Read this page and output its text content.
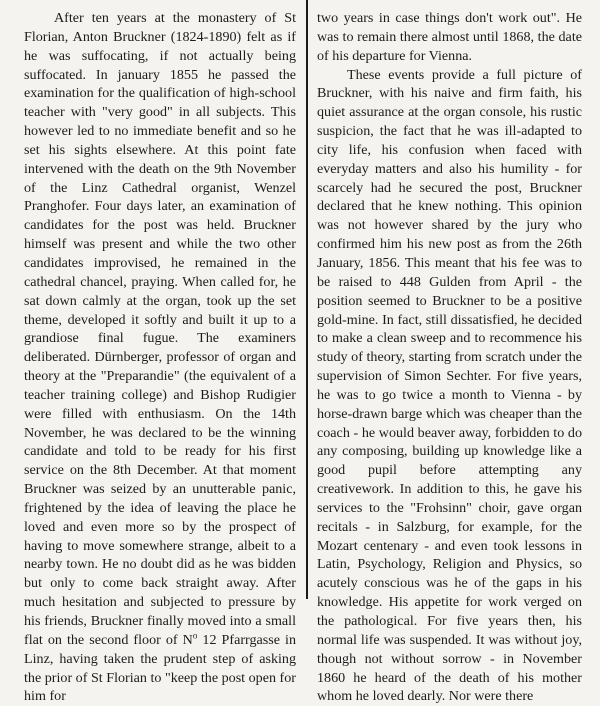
After ten years at the monastery of St Florian, Anton Bruckner (1824-1890) felt as if he was suffocating, if not actually being suffocated. In january 1855 he passed the examination for the qualification of high-school teacher with "very good" in all subjects. This however led to no immediate benefit and so he set his sights elsewhere. At this point fate intervened with the death on the 9th November of the Linz Cathedral organist, Wenzel Pranghofer. Four days later, an examination of candidates for the post was held. Bruckner himself was present and while the two other candidates improvised, he remained in the cathedral chancel, praying. When called for, he sat down calmly at the organ, took up the set theme, developed it softly and built it up to a grandiose final fugue. The examiners deliberated. Dürnberger, professor of organ and theory at the "Preparandie" (the equivalent of a teacher training college) and Bishop Rudigier were filled with enthusiasm. On the 14th November, he was declared to be the winning candidate and told to be ready for his first service on the 8th December. At that moment Bruckner was seized by an unutterable panic, frightened by the idea of leaving the place he loved and even more so by the prospect of having to move somewhere strange, albeit to a nearby town. He no doubt did as he was bidden but only to come back straight away. After much hesitation and subjected to pressure by his friends, Bruckner finally moved into a small flat on the second floor of $N^o$ 12 Pfarrgasse in Linz, having taken the prudent step of asking the prior of St Florian to "keep the post open for him for

two years in case things don't work out". He was to remain there almost until 1868, the date of his departure for Vienna.

These events provide a full picture of Bruckner, with his naive and firm faith, his quiet assurance at the organ console, his rustic suspicion, the fact that he was ill-adapted to city life, his confusion when faced with everyday matters and also his humility - for scarcely had he secured the post, Bruckner declared that he knew nothing. This opinion was not however shared by the jury who confirmed him his new post as from the 26th January, 1856. This meant that his fee was to be raised to 448 Gulden from April - the position seemed to Bruckner to be a positive gold-mine. In fact, still dissatisfied, he decided to make a clean sweep and to recommence his study of theory, starting from scratch under the supervision of Simon Sechter. For five years, he was to go twice a month to Vienna - by horse-drawn barge which was cheaper than the coach - he would beaver away, forbidden to do any composing, building up knowledge like a good pupil before attempting any creativework. In addition to this, he gave his services to the "Frohsinn" choir, gave organ recitals - in Salzburg, for example, for the Mozart centenary - and even took lessons in Latin, Psychology, Religion and Physics, so acutely conscious was he of the gaps in his knowledge. His appetite for work verged on the pathological. For five years then, his normal life was suspended. It was without joy, though not without sorrow - in November 1860 he heard of the death of his mother whom he loved dearly. Nor were there
